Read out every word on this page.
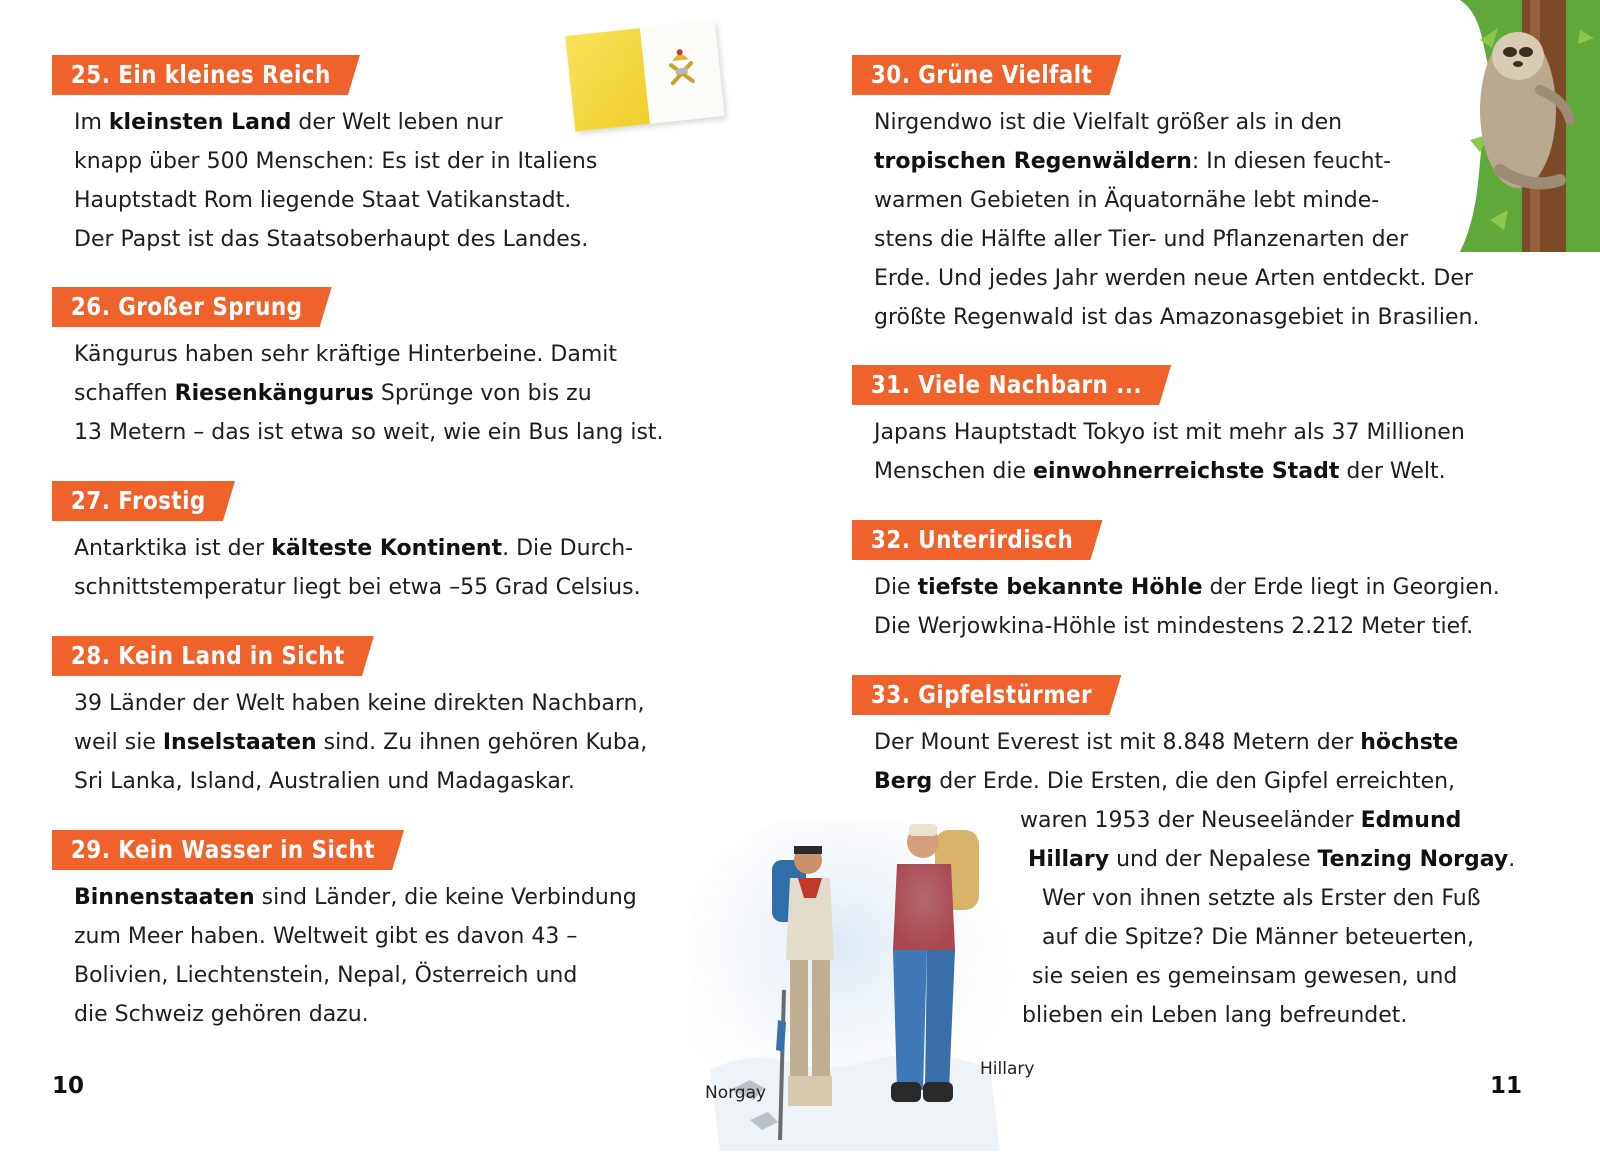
25. Ein kleines Reich
Im kleinsten Land der Welt leben nur
knapp über 500 Menschen: Es ist der in Italiens
Hauptstadt Rom liegende Staat Vatikanstadt.
Der Papst ist das Staatsoberhaupt des Landes.
26. Großer Sprung
Kängurus haben sehr kräftige Hinterbeine. Damit
schaffen Riesenkängurus Sprünge von bis zu
13 Metern – das ist etwa so weit, wie ein Bus lang ist.
27. Frostig
Antarktika ist der kälteste Kontinent. Die Durch-
schnittstemperatur liegt bei etwa –55 Grad Celsius.
28. Kein Land in Sicht
39 Länder der Welt haben keine direkten Nachbarn,
weil sie Inselstaaten sind. Zu ihnen gehören Kuba,
Sri Lanka, Island, Australien und Madagaskar.
29. Kein Wasser in Sicht
Binnenstaaten sind Länder, die keine Verbindung
zum Meer haben. Weltweit gibt es davon 43 –
Bolivien, Liechtenstein, Nepal, Österreich und
die Schweiz gehören dazu.
10
30. Grüne Vielfalt
Nirgendwo ist die Vielfalt größer als in den
tropischen Regenwäldern: In diesen feucht-
warmen Gebieten in Äquatornähe lebt minde-
stens die Hälfte aller Tier- und Pflanzenarten der
Erde. Und jedes Jahr werden neue Arten entdeckt. Der
größte Regenwald ist das Amazonasgebiet in Brasilien.
31. Viele Nachbarn ...
Japans Hauptstadt Tokyo ist mit mehr als 37 Millionen
Menschen die einwohnerreichste Stadt der Welt.
32. Unterirdisch
Die tiefste bekannte Höhle der Erde liegt in Georgien.
Die Werjowkina-Höhle ist mindestens 2.212 Meter tief.
33. Gipfelstürmer
Der Mount Everest ist mit 8.848 Metern der höchste
Berg der Erde. Die Ersten, die den Gipfel erreichten,
waren 1953 der Neuseeländer Edmund
Hillary und der Nepalese Tenzing Norgay.
Wer von ihnen setzte als Erster den Fuß
auf die Spitze? Die Männer beteuerten,
sie seien es gemeinsam gewesen, und
blieben ein Leben lang befreundet.
11
Norgay
Hillary
